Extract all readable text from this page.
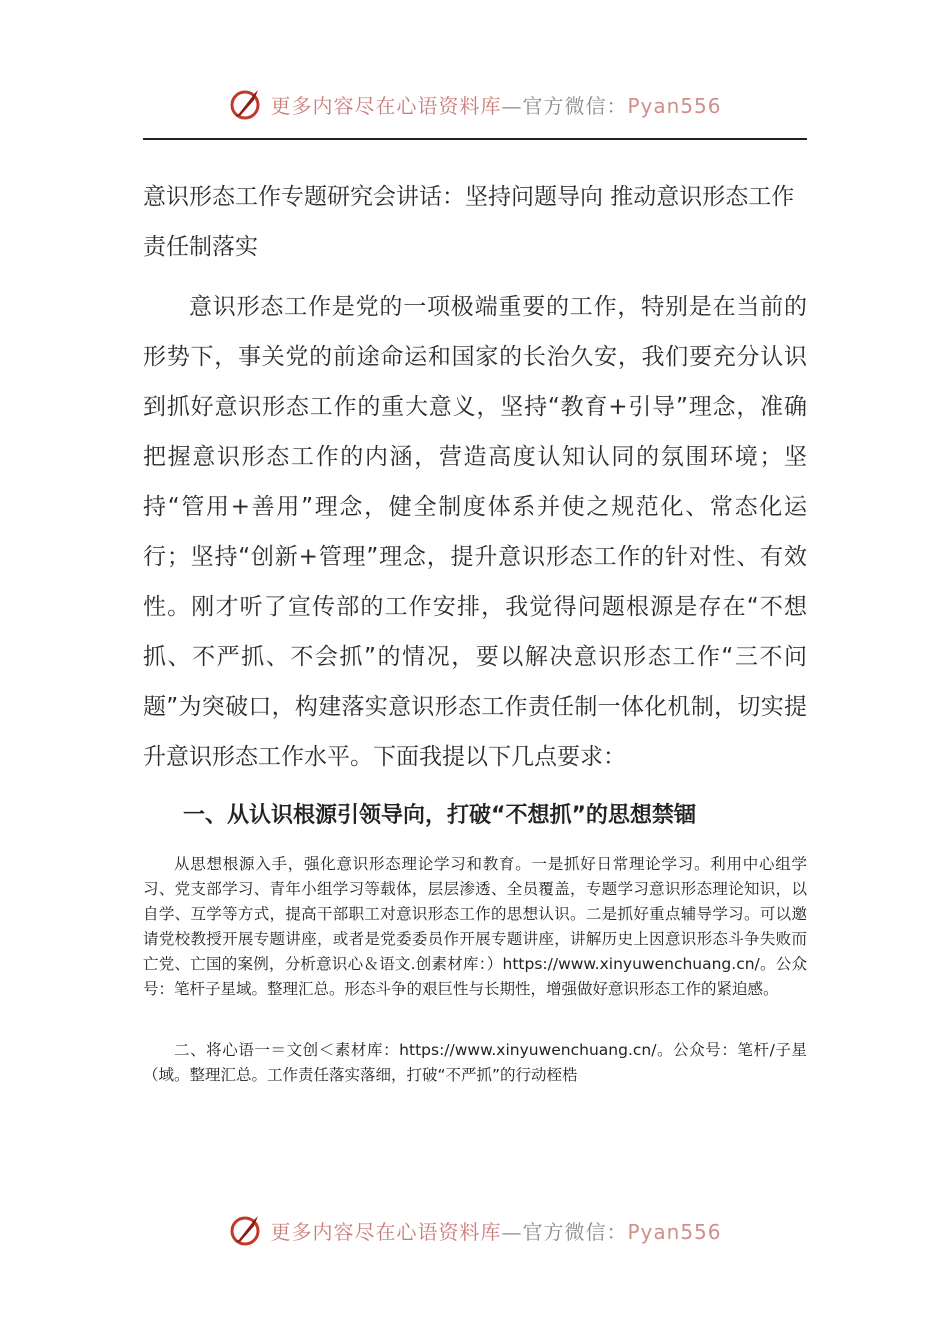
更多内容尽在心语资料库—官方微信：Pyan556
意识形态工作专题研究会讲话：坚持问题导向 推动意识形态工作责任制落实

意识形态工作是党的一项极端重要的工作，特别是在当前的形势下，事关党的前途命运和国家的长治久安，我们要充分认识到抓好意识形态工作的重大意义，坚持“教育+引导”理念，准确把握意识形态工作的内涵，营造高度认知认同的氛围环境；坚持“管用+善用”理念，健全制度体系并使之规范化、常态化运行；坚持“创新+管理”理念，提升意识形态工作的针对性、有效性。刚才听了宣传部的工作安排，我觉得问题根源是存在“不想抓、不严抓、不会抓”的情况，要以解决意识形态工作“三不问题”为突破口，构建落实意识形态工作责任制一体化机制，切实提升意识形态工作水平。下面我提以下几点要求：

一、从认识根源引领导向，打破“不想抓”的思想禁锢

从思想根源入手，强化意识形态理论学习和教育。一是抓好日常理论学习。利用中心组学习、党支部学习、青年小组学习等载体，层层渗透、全员覆盖，专题学习意识形态理论知识，以自学、互学等方式，提高干部职工对意识形态工作的思想认识。二是抓好重点辅导学习。可以邀请党校教授开展专题讲座，或者是党委委员作开展专题讲座，讲解历史上因意识形态斗争失败而亡党、亡国的案例，分析意识心＆语文.创素材库：）https://www.xinyuwenchuang.cn/。公众号：笔杆子星域。整理汇总。形态斗争的艰巨性与长期性，增强做好意识形态工作的紧迫感。

二、将心语一＝文创＜素材库：https://www.xinyuwenchuang.cn/。公众号：笔杆/子星（域。整理汇总。工作责任落实落细，打破“不严抓”的行动桎梏

更多内容尽在心语资料库—官方微信：Pyan556
